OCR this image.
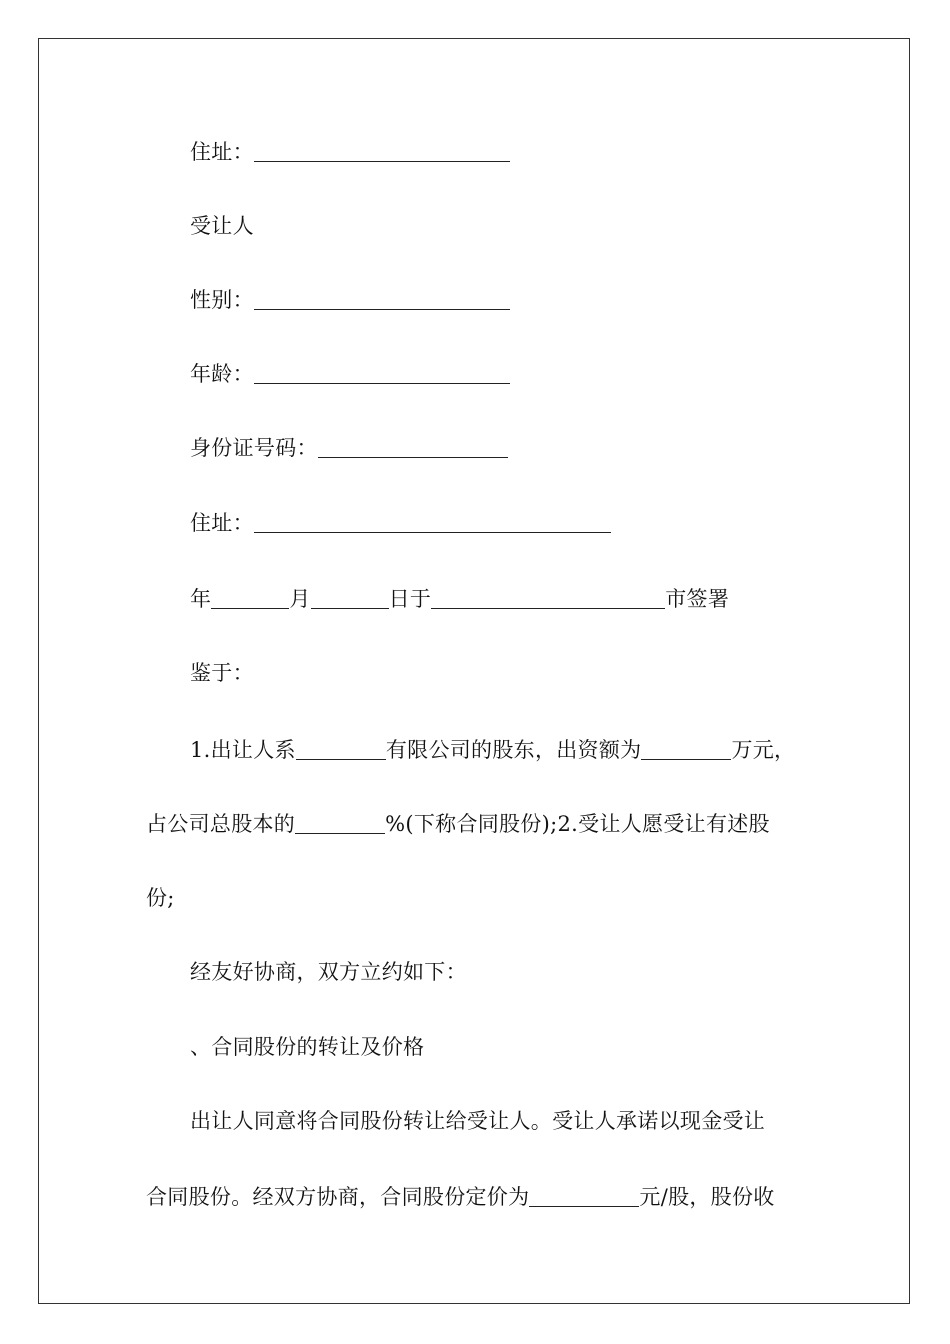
住址：
受让人
性别：
年龄：
身份证号码：
住址：
年	月	日于	市签署
鉴于：
1.出让人系	有限公司的股东，出资额为	万元，
占公司总股本的	%(下称合同股份);2.受让人愿受让有述股
份;
经友好协商，双方立约如下：
、合同股份的转让及价格
出让人同意将合同股份转让给受让人。受让人承诺以现金受让
合同股份。经双方协商，合同股份定价为	元/股，股份收
